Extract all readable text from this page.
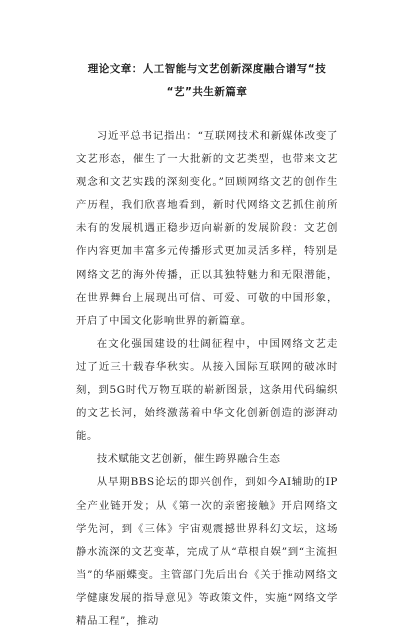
理论文章：人工智能与文艺创新深度融合谱写“技
“艺”共生新篇章

习近平总书记指出：“互联网技术和新媒体改变了文艺形态，催生了一大批新的文艺类型，也带来文艺观念和文艺实践的深刻变化。”回顾网络文艺的创作生产历程，我们欣喜地看到，新时代网络文艺抓住前所未有的发展机遇正稳步迈向崭新的发展阶段：文艺创作内容更加丰富多元传播形式更加灵活多样，特别是网络文艺的海外传播，正以其独特魅力和无限潜能，在世界舞台上展现出可信、可爱、可敬的中国形象，开启了中国文化影响世界的新篇章。

在文化强国建设的壮阔征程中，中国网络文艺走过了近三十载春华秋实。从接入国际互联网的破冰时刻，到5G时代万物互联的崭新图景，这条用代码编织的文艺长河，始终激荡着中华文化创新创造的澎湃动能。

技术赋能文艺创新，催生跨界融合生态

从早期BBS论坛的即兴创作，到如今AI辅助的IP全产业链开发；从《第一次的亲密接触》开启网络文学先河，到《三体》宇宙观震撼世界科幻文坛，这场静水流深的文艺变革，完成了从“草根自娱”到“主流担当”的华丽蝶变。主管部门先后出台《关于推动网络文学健康发展的指导意见》等政策文件，实施“网络文学精品工程”，推动
